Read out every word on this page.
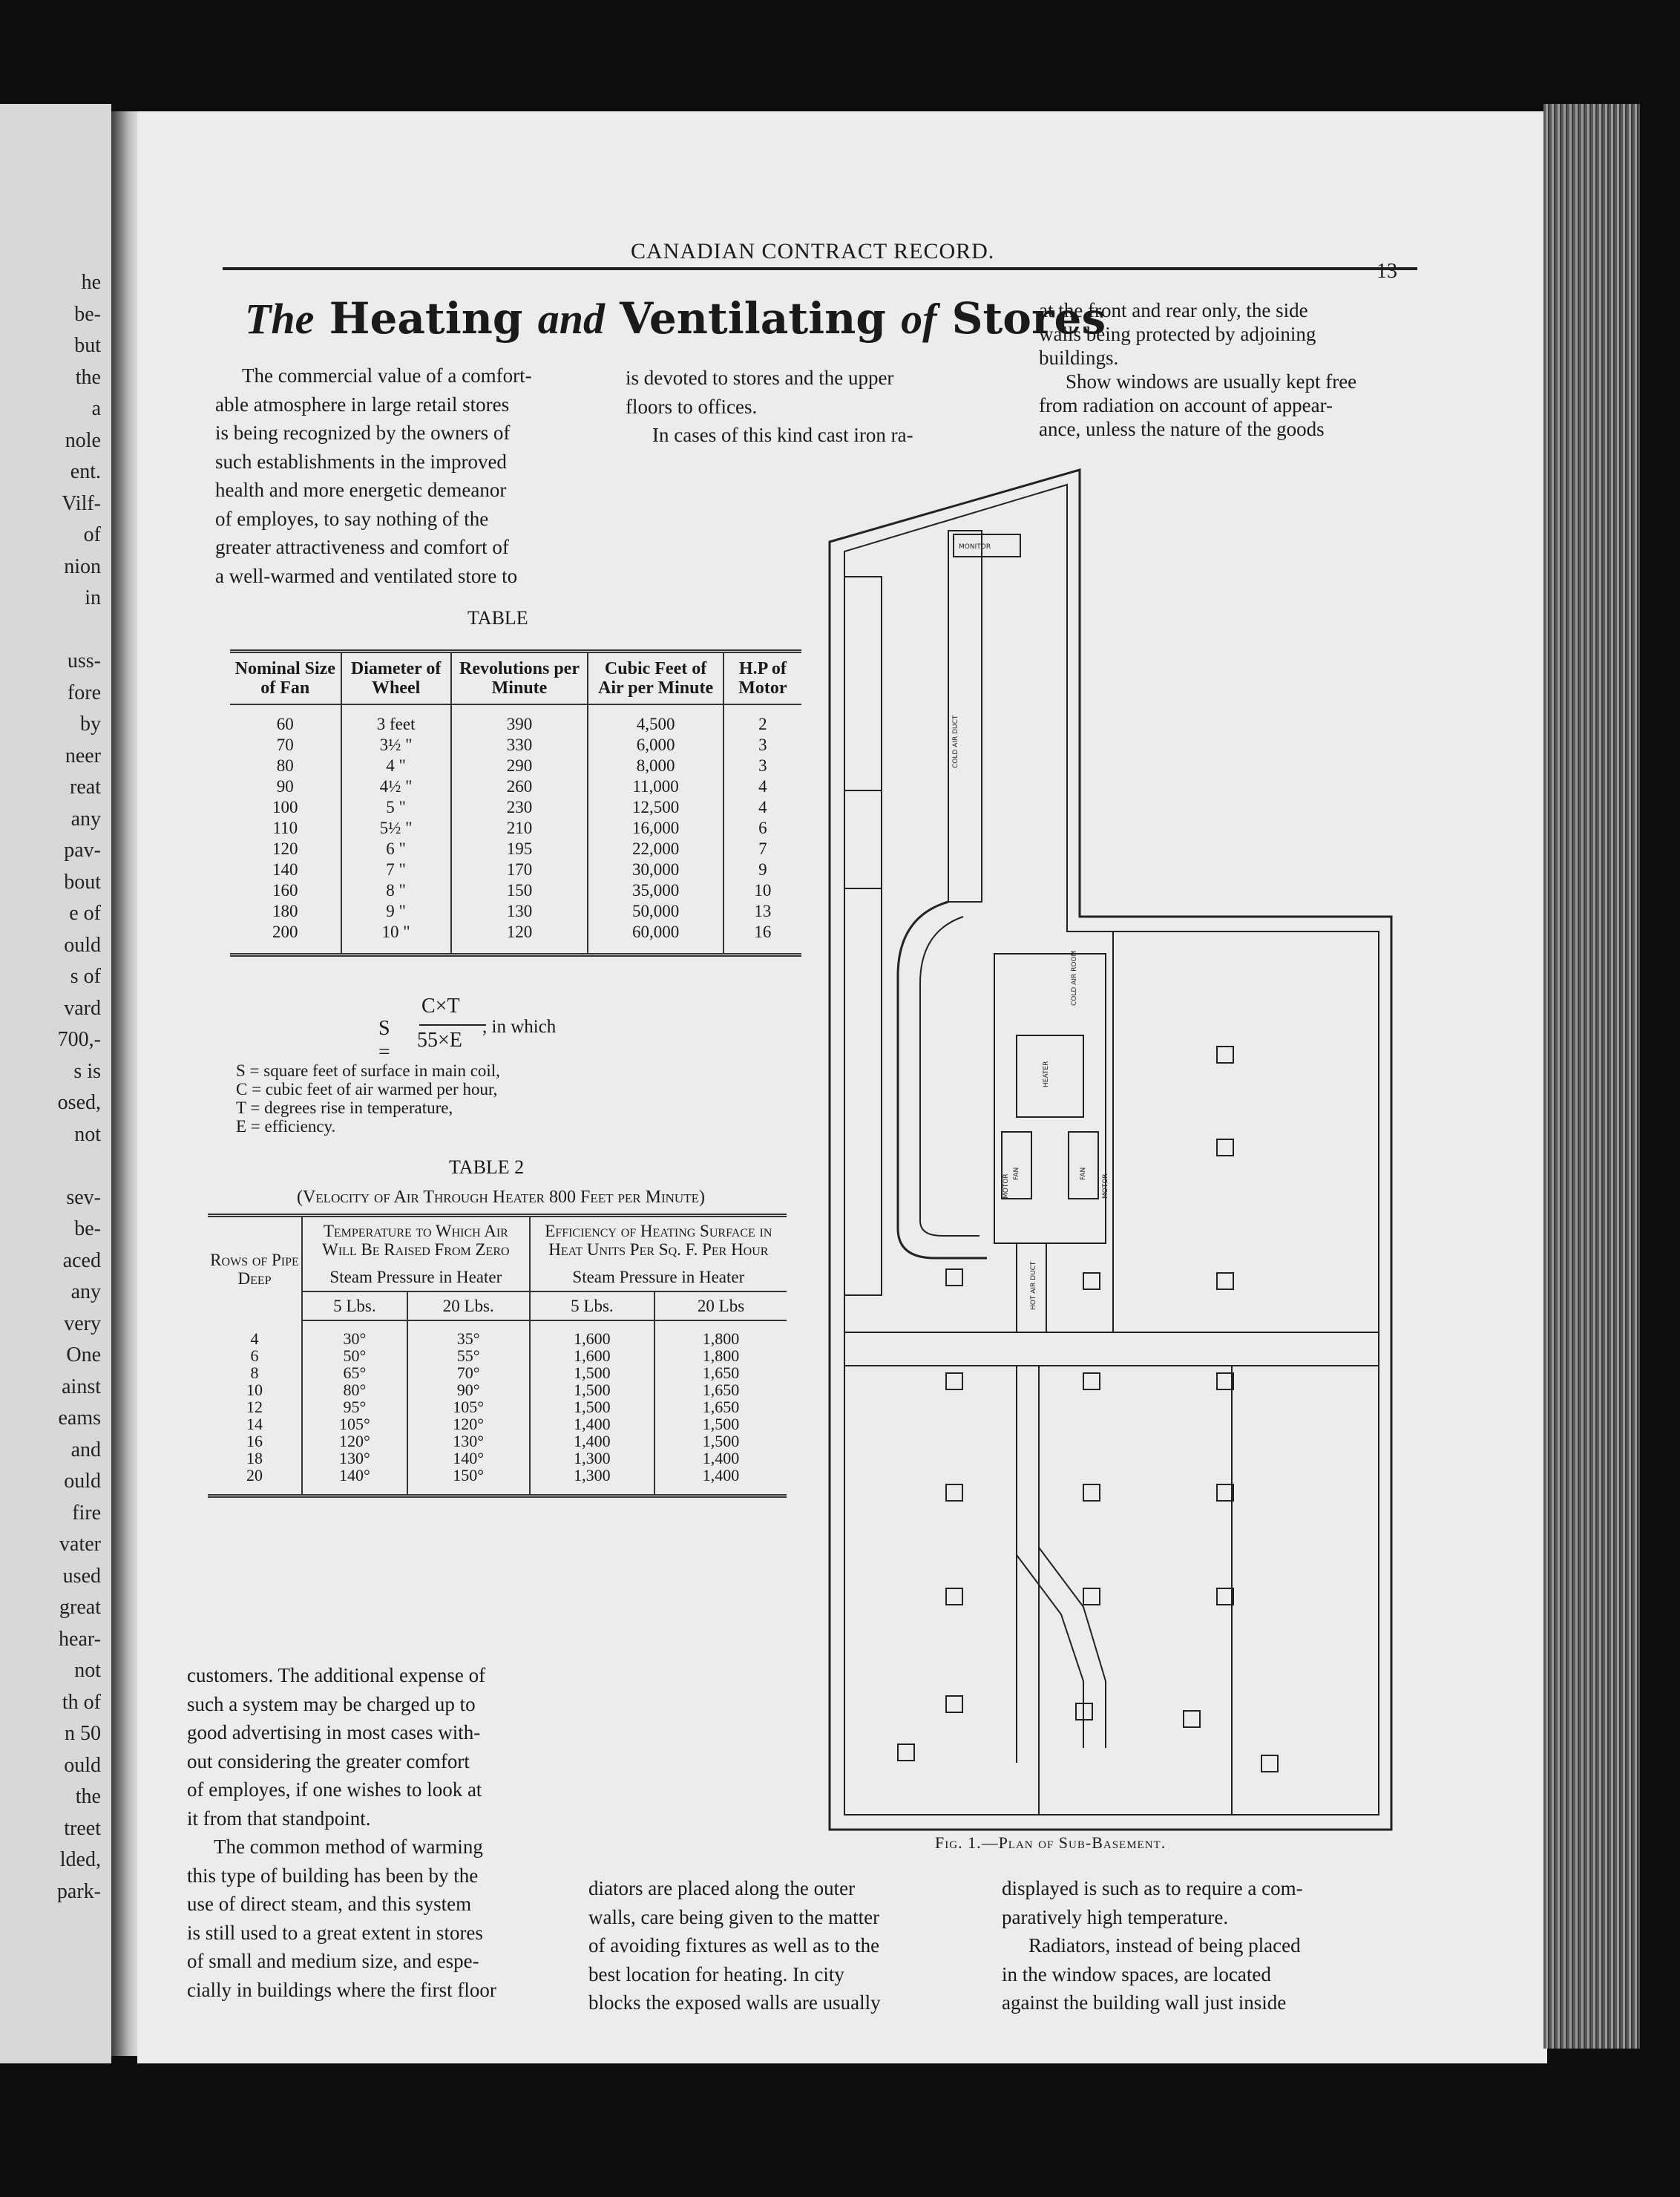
he
be-
but
the
a
nole
ent.
Vilf-
of
nion
in
uss-
fore
by
neer
reat
any
pav-
bout
e of
ould
s of
vard
700,-
s is
osed,
not
sev-
be-
aced
any
very
One
ainst
eams
and
ould
fire
vater
used
great
hear-
not
th of
n 50
ould
the
treet
lded,
park-
CANADIAN CONTRACT RECORD.
13
The Heating and Ventilating of Stores
The commercial value of a comfort-
able atmosphere in large retail stores
is being recognized by the owners of
such establishments in the improved
health and more energetic demeanor
of employes, to say nothing of the
greater attractiveness and comfort of
a well-warmed and ventilated store to
is devoted to stores and the upper
floors to offices.
In cases of this kind cast iron ra-
at the front and rear only, the side
walls being protected by adjoining
buildings.
Show windows are usually kept free
from radiation on account of appear-
ance, unless the nature of the goods
TABLE
Nominal Size of Fan	Diameter of Wheel	Revolutions per Minute	Cubic Feet of Air per Minute	H.P of Motor
60	3 feet	390	4,500	2
70	3½ "	330	6,000	3
80	4 "	290	8,000	3
90	4½ "	260	11,000	4
100	5 "	230	12,500	4
110	5½ "	210	16,000	6
120	6 "	195	22,000	7
140	7 "	170	30,000	9
160	8 "	150	35,000	10
180	9 "	130	50,000	13
200	10 "	120	60,000	16
S =
C×T
55×E
, in which
S = square feet of surface in main coil,
C = cubic feet of air warmed per hour,
T = degrees rise in temperature,
E = efficiency.
TABLE 2
(Velocity of Air Through Heater 800 Feet per Minute)
Rows of Pipe Deep	Temperature to Which Air Will Be Raised From Zero		Efficiency of Heating Surface in Heat Units Per Sq. F. Per Hour	
	Steam Pressure in Heater		Steam Pressure in Heater	
	5 Lbs.	20 Lbs.	5 Lbs.	20 Lbs
4	30°	35°	1,600	1,800
6	50°	55°	1,600	1,800
8	65°	70°	1,500	1,650
10	80°	90°	1,500	1,650
12	95°	105°	1,500	1,650
14	105°	120°	1,400	1,500
16	120°	130°	1,400	1,500
18	130°	140°	1,300	1,400
20	140°	150°	1,300	1,400
customers. The additional expense of
such a system may be charged up to
good advertising in most cases with-
out considering the greater comfort
of employes, if one wishes to look at
it from that standpoint.
The common method of warming
this type of building has been by the
use of direct steam, and this system
is still used to a great extent in stores
of small and medium size, and espe-
cially in buildings where the first floor
diators are placed along the outer
walls, care being given to the matter
of avoiding fixtures as well as to the
best location for heating. In city
blocks the exposed walls are usually
displayed is such as to require a com-
paratively high temperature.
Radiators, instead of being placed
in the window spaces, are located
against the building wall just inside
COLD AIR DUCT
MONITOR
COLD AIR ROOM
HEATER
FAN	FAN
MOTOR	MOTOR
HOT AIR DUCT
Fig. 1.—Plan of Sub-Basement.
